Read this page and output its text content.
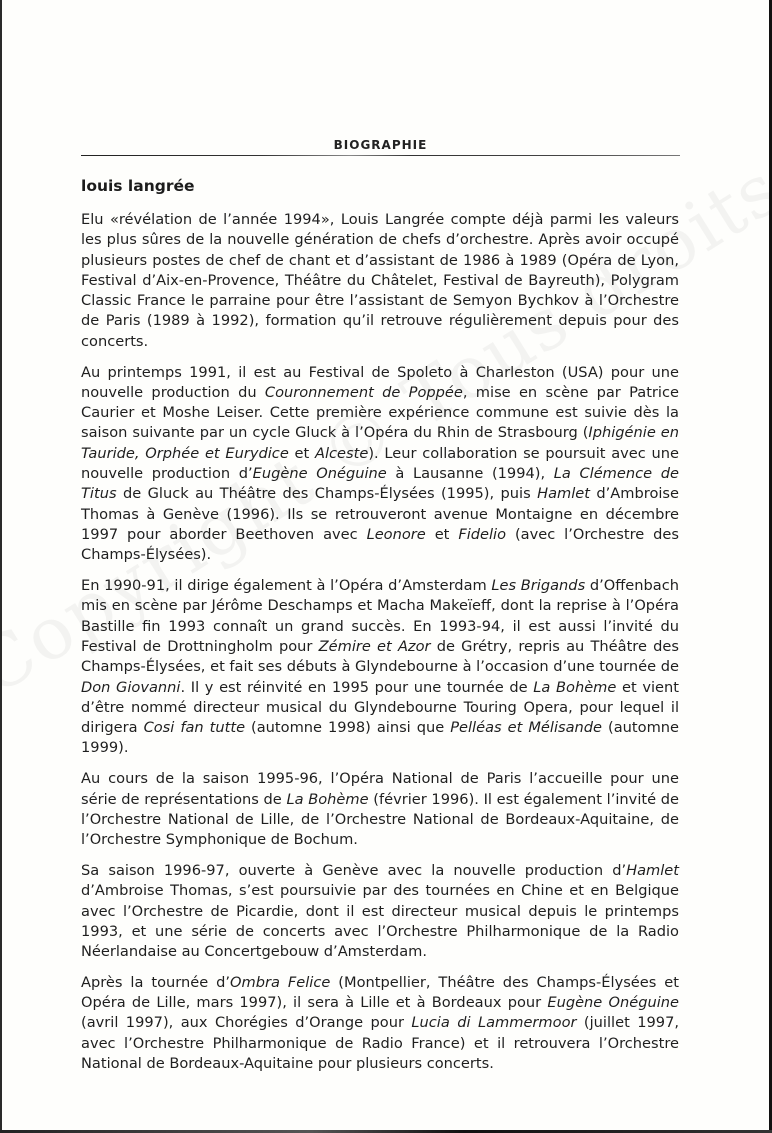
BIOGRAPHIE
louis langrée

Elu «révélation de l’année 1994», Louis Langrée compte déjà parmi les valeurs les plus sûres de la nouvelle génération de chefs d’orchestre. Après avoir occupé plusieurs postes de chef de chant et d’assistant de 1986 à 1989 (Opéra de Lyon, Festival d’Aix-en-Provence, Théâtre du Châtelet, Festival de Bayreuth), Polygram Classic France le parraine pour être l’assistant de Semyon Bychkov à l’Orchestre de Paris (1989 à 1992), formation qu’il retrouve régulièrement depuis pour des concerts.

Au printemps 1991, il est au Festival de Spoleto à Charleston (USA) pour une nouvelle production du Couronnement de Poppée, mise en scène par Patrice Caurier et Moshe Leiser. Cette première expérience commune est suivie dès la saison suivante par un cycle Gluck à l’Opéra du Rhin de Strasbourg (Iphigénie en Tauride, Orphée et Eurydice et Alceste). Leur collaboration se poursuit avec une nouvelle production d’Eugène Onéguine à Lausanne (1994), La Clémence de Titus de Gluck au Théâtre des Champs-Élysées (1995), puis Hamlet d’Ambroise Thomas à Genève (1996). Ils se retrouveront avenue Montaigne en décembre 1997 pour aborder Beethoven avec Leonore et Fidelio (avec l’Orchestre des Champs-Élysées).

En 1990-91, il dirige également à l’Opéra d’Amsterdam Les Brigands d’Offenbach mis en scène par Jérôme Deschamps et Macha Makeïeff, dont la reprise à l’Opéra Bastille fin 1993 connaît un grand succès. En 1993-94, il est aussi l’invité du Festival de Drottningholm pour Zémire et Azor de Grétry, repris au Théâtre des Champs-Élysées, et fait ses débuts à Glyndebourne à l’occasion d’une tournée de Don Giovanni. Il y est réinvité en 1995 pour une tournée de La Bohème et vient d’être nommé directeur musical du Glyndebourne Touring Opera, pour lequel il dirigera Cosi fan tutte (automne 1998) ainsi que Pelléas et Mélisande (automne 1999).

Au cours de la saison 1995-96, l’Opéra National de Paris l’accueille pour une série de représentations de La Bohème (février 1996). Il est également l’invité de l’Orchestre National de Lille, de l’Orchestre National de Bordeaux-Aquitaine, de l’Orchestre Symphonique de Bochum.

Sa saison 1996-97, ouverte à Genève avec la nouvelle production d’Hamlet d’Ambroise Thomas, s’est poursuivie par des tournées en Chine et en Belgique avec l’Orchestre de Picardie, dont il est directeur musical depuis le printemps 1993, et une série de concerts avec l’Orchestre Philharmonique de la Radio Néerlandaise au Concertgebouw d’Amsterdam.

Après la tournée d’Ombra Felice (Montpellier, Théâtre des Champs-Élysées et Opéra de Lille, mars 1997), il sera à Lille et à Bordeaux pour Eugène Onéguine (avril 1997), aux Chorégies d’Orange pour Lucia di Lammermoor (juillet 1997, avec l’Orchestre Philharmonique de Radio France) et il retrouvera l’Orchestre National de Bordeaux-Aquitaine pour plusieurs concerts.
